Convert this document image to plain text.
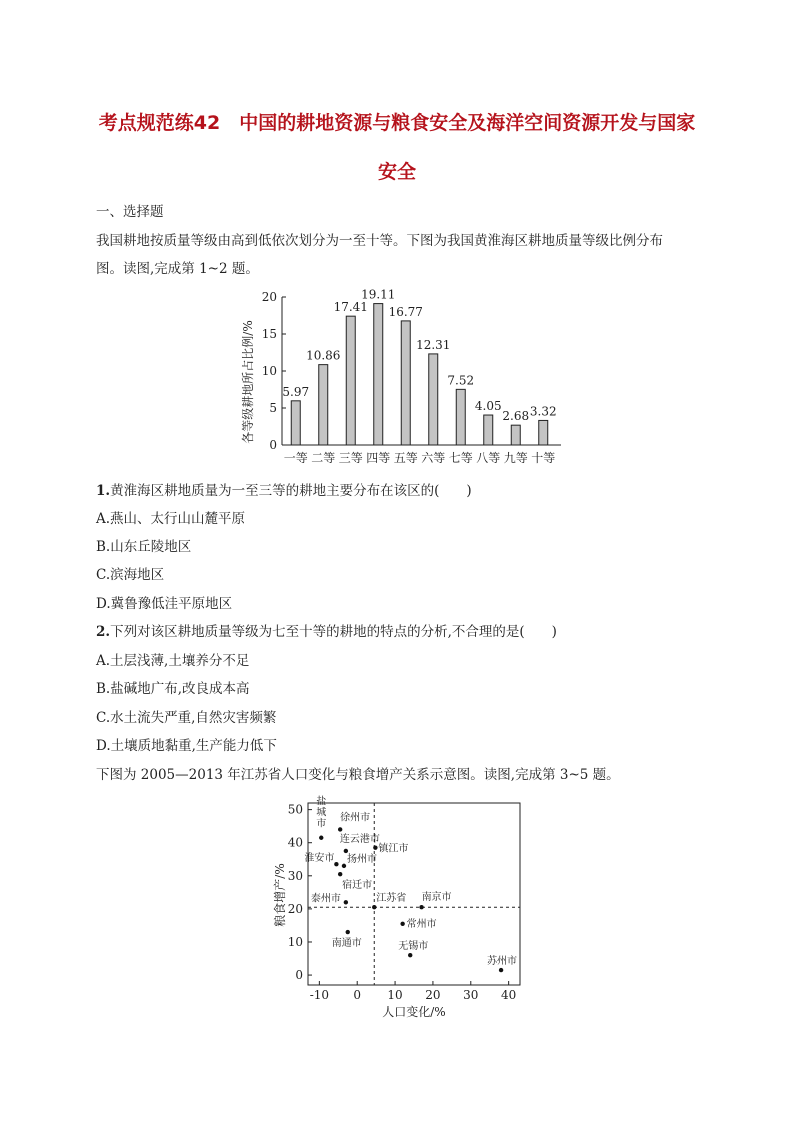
考点规范练42　中国的耕地资源与粮食安全及海洋空间资源开发与国家
安全
一、选择题
我国耕地按质量等级由高到低依次划分为一至十等。下图为我国黄淮海区耕地质量等级比例分布
图。读图,完成第 1~2 题。
各等级耕地所占比例/%
0
5
10
15
20
5.97
一等
10.86
二等
17.41
三等
19.11
四等
16.77
五等
12.31
六等
7.52
七等
4.05
八等
2.68
九等
3.32
十等
1.黄淮海区耕地质量为一至三等的耕地主要分布在该区的(　　)
A.燕山、太行山山麓平原
B.山东丘陵地区
C.滨海地区
D.冀鲁豫低洼平原地区
2.下列对该区耕地质量等级为七至十等的耕地的特点的分析,不合理的是(　　)
A.土层浅薄,土壤养分不足
B.盐碱地广布,改良成本高
C.水土流失严重,自然灾害频繁
D.土壤质地黏重,生产能力低下
下图为 2005—2013 年江苏省人口变化与粮食增产关系示意图。读图,完成第 3~5 题。
粮食增产/%
人口变化/%
-10 0 10 20 30 40
0
10
20
30
40
50
盐城市
徐州市
连云港市
镇江市
淮安市 扬州市
宿迁市
泰州市	江苏省 南京市
常州市
南通市	无锡市
苏州市
